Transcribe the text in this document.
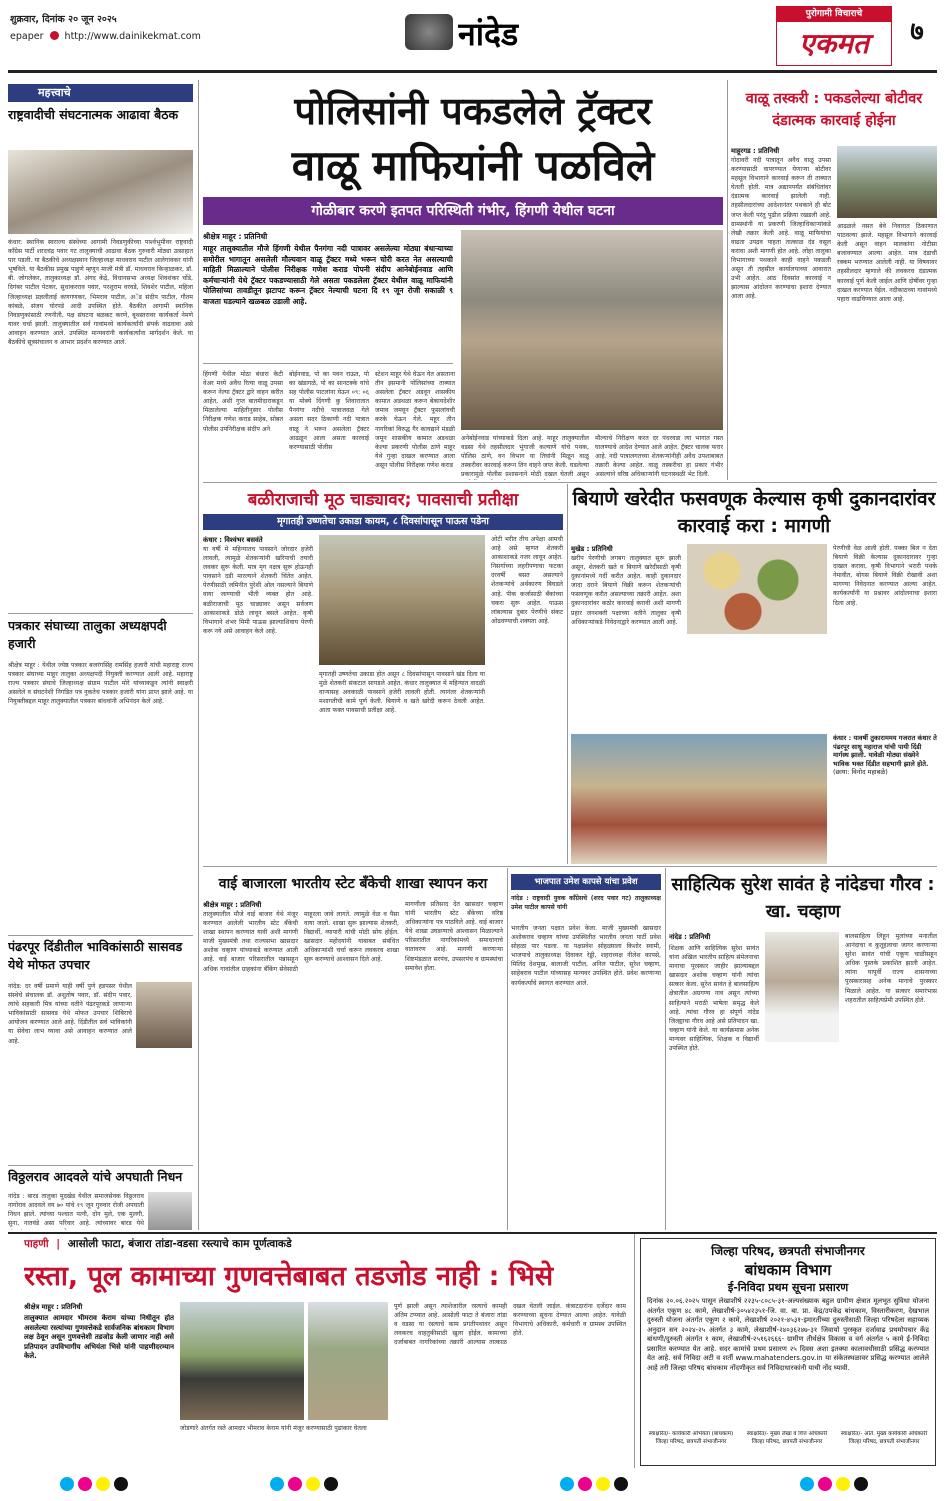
शुक्रवार, दिनांक २० जून २०२५
epaper http://www.dainikekmat.com	नांदेड
पुरोगामी विचाराचे
एकमत	७
महत्त्वाचे
राष्ट्रवादीची संघटनात्मक आढावा बैठक
कंधार: स्थानिक स्वराज्य संस्थेच्या आगामी निवडणुकीच्या पार्श्वभूमीवर राष्ट्रवादी काँग्रेस पार्टी शरदचंद्र पवार गट तालुक्याची आढावा बैठक गुरुवारी मोठ्या उत्साहात पार पडली. या बैठकीचे अध्यक्षस्थान जिल्हाध्यक्ष माधवराव पाटील आलेगावकर यांनी भूषविले. या बैठकीस प्रमुख पाहुणे म्हणून माजी मंत्री डॉ. माधवराव किन्हाळकर, डॉ. बी. जोगलेकर, तालुकाध्यक्ष डॉ. अंगद केंद्रे, विधानसभा अध्यक्ष शिवशंकर चोंडे, दिगंबर पाटील पेटकर, सुधाकरराव पवार, परशुराम वरवडे, शिवशेर पाटील, महिला जिल्हाध्यक्ष प्रज्ञलीताई कणगणकर, भिमराव पाटील, अॅड संदीप पाटील, गौतम कांबळे, संजय घोरपडे आदी उपस्थित होते. बैठकीत आगामी स्थानिक निवडणुकांसाठी रणनीती, पक्ष संघटना बळकट करणे, बूथस्तरावर कार्यकर्ता नेमणे यावर चर्चा झाली. तालुक्यातील सर्व गावांमध्ये कार्यकर्त्यांनी संपर्क वाढवावा असे आवाहन करण्यात आले. उपस्थित मान्यवरांनी कार्यकर्त्यांना मार्गदर्शन केले. या बैठकीचे सूत्रसंचालन व आभार प्रदर्शन करण्यात आले.
पत्रकार संघाच्या तालुका अध्यक्षपदी हजारी
श्रीक्षेत्र माहूर : येथील ज्येष्ठ पत्रकार बजरंगसिंह रामसिंह हजारी यांची महाराष्ट्र राज्य पत्रकार संघाच्या माहूर तालुका अध्यक्षपदी नियुक्ती करण्यात आली आहे. महाराष्ट्र राज्य पत्रकार संघाचे जिल्हाध्यक्ष संग्राम पाटील मोरे यांच्याकडून त्यांनी स्वाक्षरी असलेले व संघटनेशी निगडित पत्र नुकतेच पत्रकार हजारी यांना प्राप्त झाले आहे. या नियुक्तीबद्दल माहूर तालुक्यातील पत्रकार बांधवांनी अभिनंदन केले आहे.
पंढरपूर दिंडीतील भाविकांसाठी सासवड येथे मोफत उपचार
नांदेड: दर वर्षी प्रमाणे याही वर्षी पुणे हडपसर येथील संस्थेचे संचालक डॉ. अशुतोष पवार, डॉ. संदीप पवार, त्यांचे सहकारी मित्र यांच्या वतीने पंढरपूरकडे जाणाऱ्या भाविकांसाठी सासवड येथे मोफत उपचार शिबिराचे आयोजन करण्यात आले आहे. दिंडीतील सर्व भाविकांनी या सेवेचा लाभ घ्यावा असे आवाहन करण्यात आले आहे.
विठ्ठलराव आदवले यांचे अपघाती निधन
नांदेड : बारड तालुका मुदखेड येथील समाजसेवक विठ्ठलराव नागोराव आदवले वय ७० यांचे १९ जून गुरुवार रोजी अपघाती निधन झाले. त्यांच्या पश्चात पत्नी, दोन मुले, एक मुलगी, सुना, नातवंडे असा परिवार आहे. त्यांच्यावर बारड येथे
पोलिसांनी पकडलेले ट्रॅक्टर
वाळू माफियांनी पळविले
गोळीबार करणे इतपत परिस्थिती गंभीर, हिंगणी येथील घटना
श्रीक्षेत्र माहूर : प्रतिनिधी
माहूर तालुक्यातील मौजे हिंगणी येथील पैनगंगा नदी पात्रावर असलेल्या मोठ्या बंधाऱ्याच्या समोरील भागातून असलेली मौल्यवान वाळू ट्रॅक्टर मध्ये भरून चोरी करत नेत असल्याची माहिती मिळाल्याने पोलीस निरीक्षक गणेश कराड पोपनी संदीप आनेबोईनवाड आणि कर्मचाऱ्यांनी येथे ट्रॅक्टर पकडण्यासाठी गेले असता पकडलेला ट्रॅक्टर येथील वाळू माफियांनी पोलिसांच्या तावडीतून झटापट करून ट्रॅक्टर नेल्याची घटना दि १९ जून रोजी सकाळी ९ वाजता घडल्याने खळबळ उडाली आहे.
हिंगणी येथील मोठा बंधारा केटी वेअर मध्ये अवैध रित्या वाळू उपसा करून नेल्या ट्रॅक्टर द्वारे वाहन करीत आहेत, अशी गुप्त बातमीदाराकडून मिळालेल्या माहितीनुसार पोलीस निरीक्षक गणेश कराड साहेब, सोबत पोलीस उपनिरीक्षक संदीप अने
बोईनवाड, पो का पवन राऊत, पो का खंडागळे, पो का सानटक्के यांचे सह पोलीस पाटलांना घेऊन ०९: ०६ या मोक्ये दिंगणी कु शिवारातात पैनगंगा नदीचे पात्राजवळ गेले असता सदर ठिकाणी नदी पात्रात वाळू ने भरून असलेला ट्रॅक्टर आढळून आला असता कारवाई करण्यासाठी पोलीस
स्टेशन माहूर येथे घेऊन येत असताना तीन इसमानी पोलिसांच्या ताब्यात असलेला ट्रॅक्टर अडवून शासकीय कामात अडथळा करून बेकायदेशीर जमाव जमवून ट्रॅक्टर फूसलांयची करके घेऊन गेले. महूर तीन नागरिकां विरुद्ध गैर कायद्याने मंडळी जमून शासकीय कामात अडथळा केल्या प्रकरणी पोलीस ठाणे माहूर येथे गुन्हा दाखल करण्यात आला असून पोलीस निरीक्षक गणेश कराड
अनेबोईनवाड यांच्याकडे दिला आहे. माहूर तालुक्यातील वडसा येथे तहसीलदार भुंगाजी कल्याणे यांचे पथक, पोलिस ठाणे, वन विभाग या तिघांनी मिळून वाळू तस्करीवर कारवाई करून तिन वाहने जप्त केली. घडलेल्या प्रकारामुळे पोलीस प्रशासनाने मोठी दखल घेतली असून
मौल्याचे निरीक्षण करत दर पंधरवडा त्या भागात गस्त घालण्याचे आदेश देण्यात आले आहेत. ट्रॅक्टर चालक फरार आहे. नदी पात्रालगतच्या शेतकऱ्यांनीही अवैध उपशाबाबत तक्रारी केल्या आहेत. वाळू तस्करीचा हा प्रकार गंभीर असल्याने वरिष्ठ अधिकाऱ्यांनी घटनास्थळी भेट दिली.
वाळू तस्करी : पकडलेल्या बोटीवर दंडात्मक कारवाई होईना
माहूरगड : प्रतिनिधी
गोदावरी नदी पात्रातून अवैध वाळू उपसा करण्यासाठी वापरण्यात येणाऱ्या बोटीवर महसूल विभागाने कारवाई करून ती ताब्यात घेतली होती. मात्र अद्यापपर्यंत संबंधितांवर दंडात्मक कारवाई झालेली नाही. तहसीलदारांच्या आदेशानंतर पथकाने ही बोट जप्त केली परंतु पुढील प्रक्रिया रखडली आहे. ग्रामस्थांनी या प्रकरणी जिल्हाधिकाऱ्यांकडे लेखी तक्रार केली आहे. वाळू माफियांचा वाढता उपद्रव पाहता तात्काळ दंड वसूल करावा अशी मागणी होत आहे. लोहा तालुका विभागाच्या पथकाने काही वाहने पकडली असून ती तहसील कार्यालयाच्या आवारात उभी आहेत. आठ दिवसांत कारवाई न झाल्यास आंदोलन करण्याचा इशारा देण्यात आला आहे.
आढळले नसत बेवे निवारात ठिकाणात पाठवल्या झाले. महसूल विभागाने कारवाई केली असून वाहन मालकांना नोटीसा बजावण्यात आल्या आहेत. मात्र दंडाची रक्कम भरण्यात आलेली नाही. या विषयावर तहसीलदार म्हणाले की लवकरच दंडात्मक कारवाई पूर्ण केली जाईल आणि दोषींवर गुन्हा दाखल करण्यात येईल. नदीकाठच्या गावांमध्ये पहारा वाढविण्यात आला आहे.
बळीराजाची मूठ चाड्यावर; पावसाची प्रतीक्षा
मृगातही उष्णतेचा उकाडा कायम, ८ दिवसांपासून पाऊस पडेना
कंधार : विश्वंभर बसवंते
या वर्षी मे महिन्यातच पावसाने जोरदार हजेरी लावली, त्यामुळे शेतकऱ्यांनी खरिपाची तयारी लवकर सुरू केली. मात्र मृग नक्षत्र सुरू होऊनही पावसाने दडी मारल्याने शेतकरी चिंतेत आहेत. पेरणीसाठी जमिनीत पुरेशी ओल नसल्याने बियाणे वाया जाण्याची भीती व्यक्त होत आहे. बळीराजाची मूठ चाड्यावर असून सर्वजण आकाशाकडे डोळे लावून बसले आहेत. कृषी विभागाने शंभर मिमी पाऊस झाल्याशिवाय पेरणी करू नये असे आवाहन केले आहे.
मृगातही उष्णतेचा उकाडा होत असून ८ दिवसांपासून पावसाने खंड दिला या मुळे शेतकरी संकटात सापडले आहेत. कंधार तालुक्यात मे महिन्यात वादळी वाऱ्यासह अवकाळी पावसाने हजेरी लावली होती. त्यानंतर शेतकऱ्यांनी मशागतीची कामे पूर्ण केली. बियाणे व खते खरेदी करून ठेवली आहेत. आता फक्त पावसाची प्रतीक्षा आहे.
ओटी भरीत तीच अपेक्षा आमची आहे असे म्हणत शेतकरी आकाशाकडे नजर लावून आहेत. निसर्गाच्या लहरीपणाचा फटका दरवर्षी बसत असल्याने शेतकऱ्यांचे अर्थकारण बिघडले आहे. पीक कर्जासाठी बँकांच्या चकरा सुरू आहेत. पाऊस लांबल्यास दुबार पेरणीचे संकट ओढवण्याची शक्यता आहे.
बियाणे खरेदीत फसवणूक केल्यास कृषी दुकानदारांवर कारवाई करा : मागणी
मुखेड : प्रतिनिधी
खरीप पेरणीची लगबग तालुक्यात सुरू झाली असून, शेतकरी खते व बियाणे खरेदीसाठी कृषी दुकानांमध्ये गर्दी करीत आहेत. काही दुकानदार जादा दराने बियाणे विक्री करून शेतकऱ्यांची फसवणूक करीत असल्याच्या तक्रारी आहेत. अशा दुकानदारांवर कठोर कारवाई करावी अशी मागणी प्रहार जनशक्ती पक्षाच्या वतीने तालुका कृषी अधिकाऱ्यांकडे निवेदनाद्वारे करण्यात आली आहे.
पेरणीची वेळ आली होती. पक्का बिल न देता बियाणे विक्री केल्यास दुकानदारावर गुन्हा दाखल करावा, कृषी विभागाने भरारी पथके नेमावीत, बोगस बियाणे विक्री रोखावी अशा मागण्या निवेदनात करण्यात आल्या आहेत. कार्यकर्त्यांनी या प्रश्नावर आंदोलनाचा इशारा दिला आहे.
कंधार : यावर्षी तुकाराममय गजरात कंधार ते पंढरपूर साधू महाराज यांची पायी दिंडी मार्गस्थ झाली. यावेळी मोठ्या संख्येने भाविक भक्त दिंडीत सहभागी झाले होते. (छाया: विनोद महाबळे)
वाई बाजारला भारतीय स्टेट बँकेची शाखा स्थापन करा
श्रीक्षेत्र माहूर : प्रतिनिधी
तालुक्यातील मौजे वाई बाजार येथे मंजूर करण्यात आलेली भारतीय स्टेट बँकेची शाखा स्थापन करण्यात यावी अशी मागणी माजी मुख्यमंत्री तथा राज्यसभा खासदार अशोक चव्हाण यांच्याकडे करण्यात आली आहे. वाई बाजार परिसरातील पन्नासहून अधिक गावांतील ग्राहकांना बँकिंग सेवेसाठी माहूरला जावे लागते. त्यामुळे वेळ व पैसा वाया जातो. शाखा सुरू झाल्यास शेतकरी, विद्यार्थी, व्यापारी यांची मोठी सोय होईल. खासदार महोदयांनी याबाबत संबंधित अधिकाऱ्यांशी चर्चा करून लवकरच शाखा सुरू करण्याचे आश्वासन दिले आहे.
मागणीला प्रतिसाद देत खासदार चव्हाण यांनी भारतीय स्टेट बँकेच्या वरिष्ठ अधिकाऱ्यांना पत्र पाठविले आहे. वाई बाजार येथे शाखा उघडण्याचे आश्वासन मिळाल्याने परिसरातील नागरिकांमध्ये समाधानाचे वातावरण आहे. मागणी करणाऱ्या शिष्टमंडळात सरपंच, उपसरपंच व ग्रामस्थांचा समावेश होता.
भाजपात उमेश कापसे यांचा प्रवेश
नांदेड : राष्ट्रवादी युवक काँग्रेसचे (शरद पवार गट) तालुकाध्यक्ष उमेश पाटील कापसे यांनी
भारतीय जनता पक्षात प्रवेश केला. माजी मुख्यमंत्री खासदार अशोकराव चव्हाण यांच्या उपस्थितीत भारतीय जनता पार्टी प्रवेश सोहळा पार पडला. या पक्षप्रवेश सोहळ्याला किशोर स्वामी, भाजपाचे तालुकाध्यक्ष दिवाकर रेड्डी, शहराध्यक्ष नीलेश कापसे, मिलिंद देशमुख, बालाजी पाटील, अनिल पाटील, सुरेश चव्हाण, साहेबराव पाटील यांच्यासह मान्यवर उपस्थित होते. प्रवेश करणाऱ्या कार्यकर्त्यांचे स्वागत करण्यात आले.
साहित्यिक सुरेश सावंत हे नांदेडचा गौरव : खा. चव्हाण
नांदेड : प्रतिनिधी
शिक्षक आणि साहित्यिक सुरेश सावंत यांना अखिल भारतीय साहित्य संमेलनाचा मानाचा पुरस्कार जाहीर झाल्याबद्दल खासदार अशोक चव्हाण यांनी त्यांचा सत्कार केला. सुरेश सावंत हे बालसाहित्य क्षेत्रातील अग्रगण्य नाव असून त्यांच्या साहित्याने मराठी भाषेला समृद्ध केले आहे. त्यांचा गौरव हा संपूर्ण नांदेड जिल्ह्याचा गौरव आहे असे प्रतिपादन खा. चव्हाण यांनी केले. या कार्यक्रमास अनेक मान्यवर साहित्यिक, शिक्षक व विद्यार्थी उपस्थित होते.
बालसाहित्य लिहून मुलांच्या मनातील आनंदाचा व कुतूहलाचा जागर करणाऱ्या सुरेश सावंत यांची एकूण चाळीसहून अधिक पुस्तके प्रकाशित झाली आहेत. त्यांना यापूर्वी राज्य शासनाच्या पुरस्कारासह अनेक मानाचे पुरस्कार मिळाले आहेत. या सत्कार समारंभास शहरातील साहित्यप्रेमी उपस्थित होते.
पाहणी | आसोली फाटा, बंजारा तांडा-वडसा रस्त्याचे काम पूर्णत्वाकडे
रस्ता, पूल कामाच्या गुणवत्तेबाबत तडजोड नाही : भिसे
श्रीक्षेत्र माहूर : प्रतिनिधी
तालुक्यात आमदार भीमराव केराम यांच्या निधीतून होत असलेल्या रस्त्यांच्या गुणवत्तेकडे सार्वजनिक बांधकाम विभाग लक्ष ठेवून असून गुणवत्तेशी तडजोड केली जाणार नाही असे प्रतिपादन उपविभागीय अभियंता भिसे यांनी पाहणीदरम्यान केले.
जोडणारे अंतर्गत रस्ते आमदार भीमराव केराम यांनी मंजूर करण्यासाठी पुढाकार घेतला
पूर्ण झाली असून त्याशेजारील रस्त्याचे कामही अंतिम टप्प्यात आहे. आसोली फाटा ते बंजारा तांडा व वडसा या रस्त्याचे काम प्रगतीपथावर असून लवकरच वाहतुकीसाठी खुला होईल. कामाच्या दर्जाबाबत नागरिकांच्या तक्रारी आल्यास तात्काळ दखल घेतली जाईल. कंत्राटदारांना दर्जेदार काम करण्याच्या सूचना देण्यात आल्या आहेत. यावेळी विभागाचे अधिकारी, कर्मचारी व ग्रामस्थ उपस्थित होते.
जिल्हा परिषद, छत्रपती संभाजीनगर
बांधकाम विभाग
ई-निविदा प्रथम सूचना प्रसारण
दिनांक २०.०६.२०२५ पासून लेखाशीर्ष २२३५-८०८५-३१-अल्पसंख्याक बहुल ग्रामीण क्षेत्रात मूलभूत सुविधा योजना अंतर्गत एकूण ४८ कामे, लेखाशीर्ष-३०५४२३५१-जि. वा. बा. प्रा. केंद्र/उपकेंद्र बांधकाम, विस्तारीकरण, देखभाल दुरुस्ती योजना अंतर्गत एकूण २ कामे, लेखाशीर्ष २०२१-४५३१-इमारतींच्या दुरुस्तीसाठी जिल्हा परिषदेला सहाय्यक अनुदान सन २०२४-२५ अंतर्गत ३ कामे, लेखाशीर्ष-२४०३६२४७-३१ जिवायो पुरस्कृत दर्जावाढ प्रथमोपचार केंद्र बांधणी/दुरुस्ती अंतर्गत १ काम, लेखाशीर्ष-२५१६२६६६- ग्रामीण तीर्थक्षेत्र विकास व वर्ग अंतर्गत ५ कामे ई-निविदा प्रसारित करण्यात येत आहे. सदर कामांचे प्रथम प्रसारण २५ दिवस अशा इतक्या कालावधीसाठी प्रसिद्ध करण्यात येत आहे. सर्व निविदा अटी व शर्ती www.mahatenders.gov.in या संकेतस्थळावर प्रसिद्ध करण्यात आलेले आहे तरी जिल्हा परिषद बांधकाम नोंदणीकृत सर्व निविदाधारकांनी याची नोंद घ्यावी.
स्वाक्षरित/- कार्यकारी अभियंता (बांधकाम) जिल्हा परिषद, छत्रपती संभाजीनगर
स्वाक्षरित/- मुख्य लेखा व वित्त अधिकारी जिल्हा परिषद, छत्रपती संभाजीनगर
स्वाक्षरित/- अति. मुख्य कार्यकारी अधिकारी जिल्हा परिषद, छत्रपती संभाजीनगर
